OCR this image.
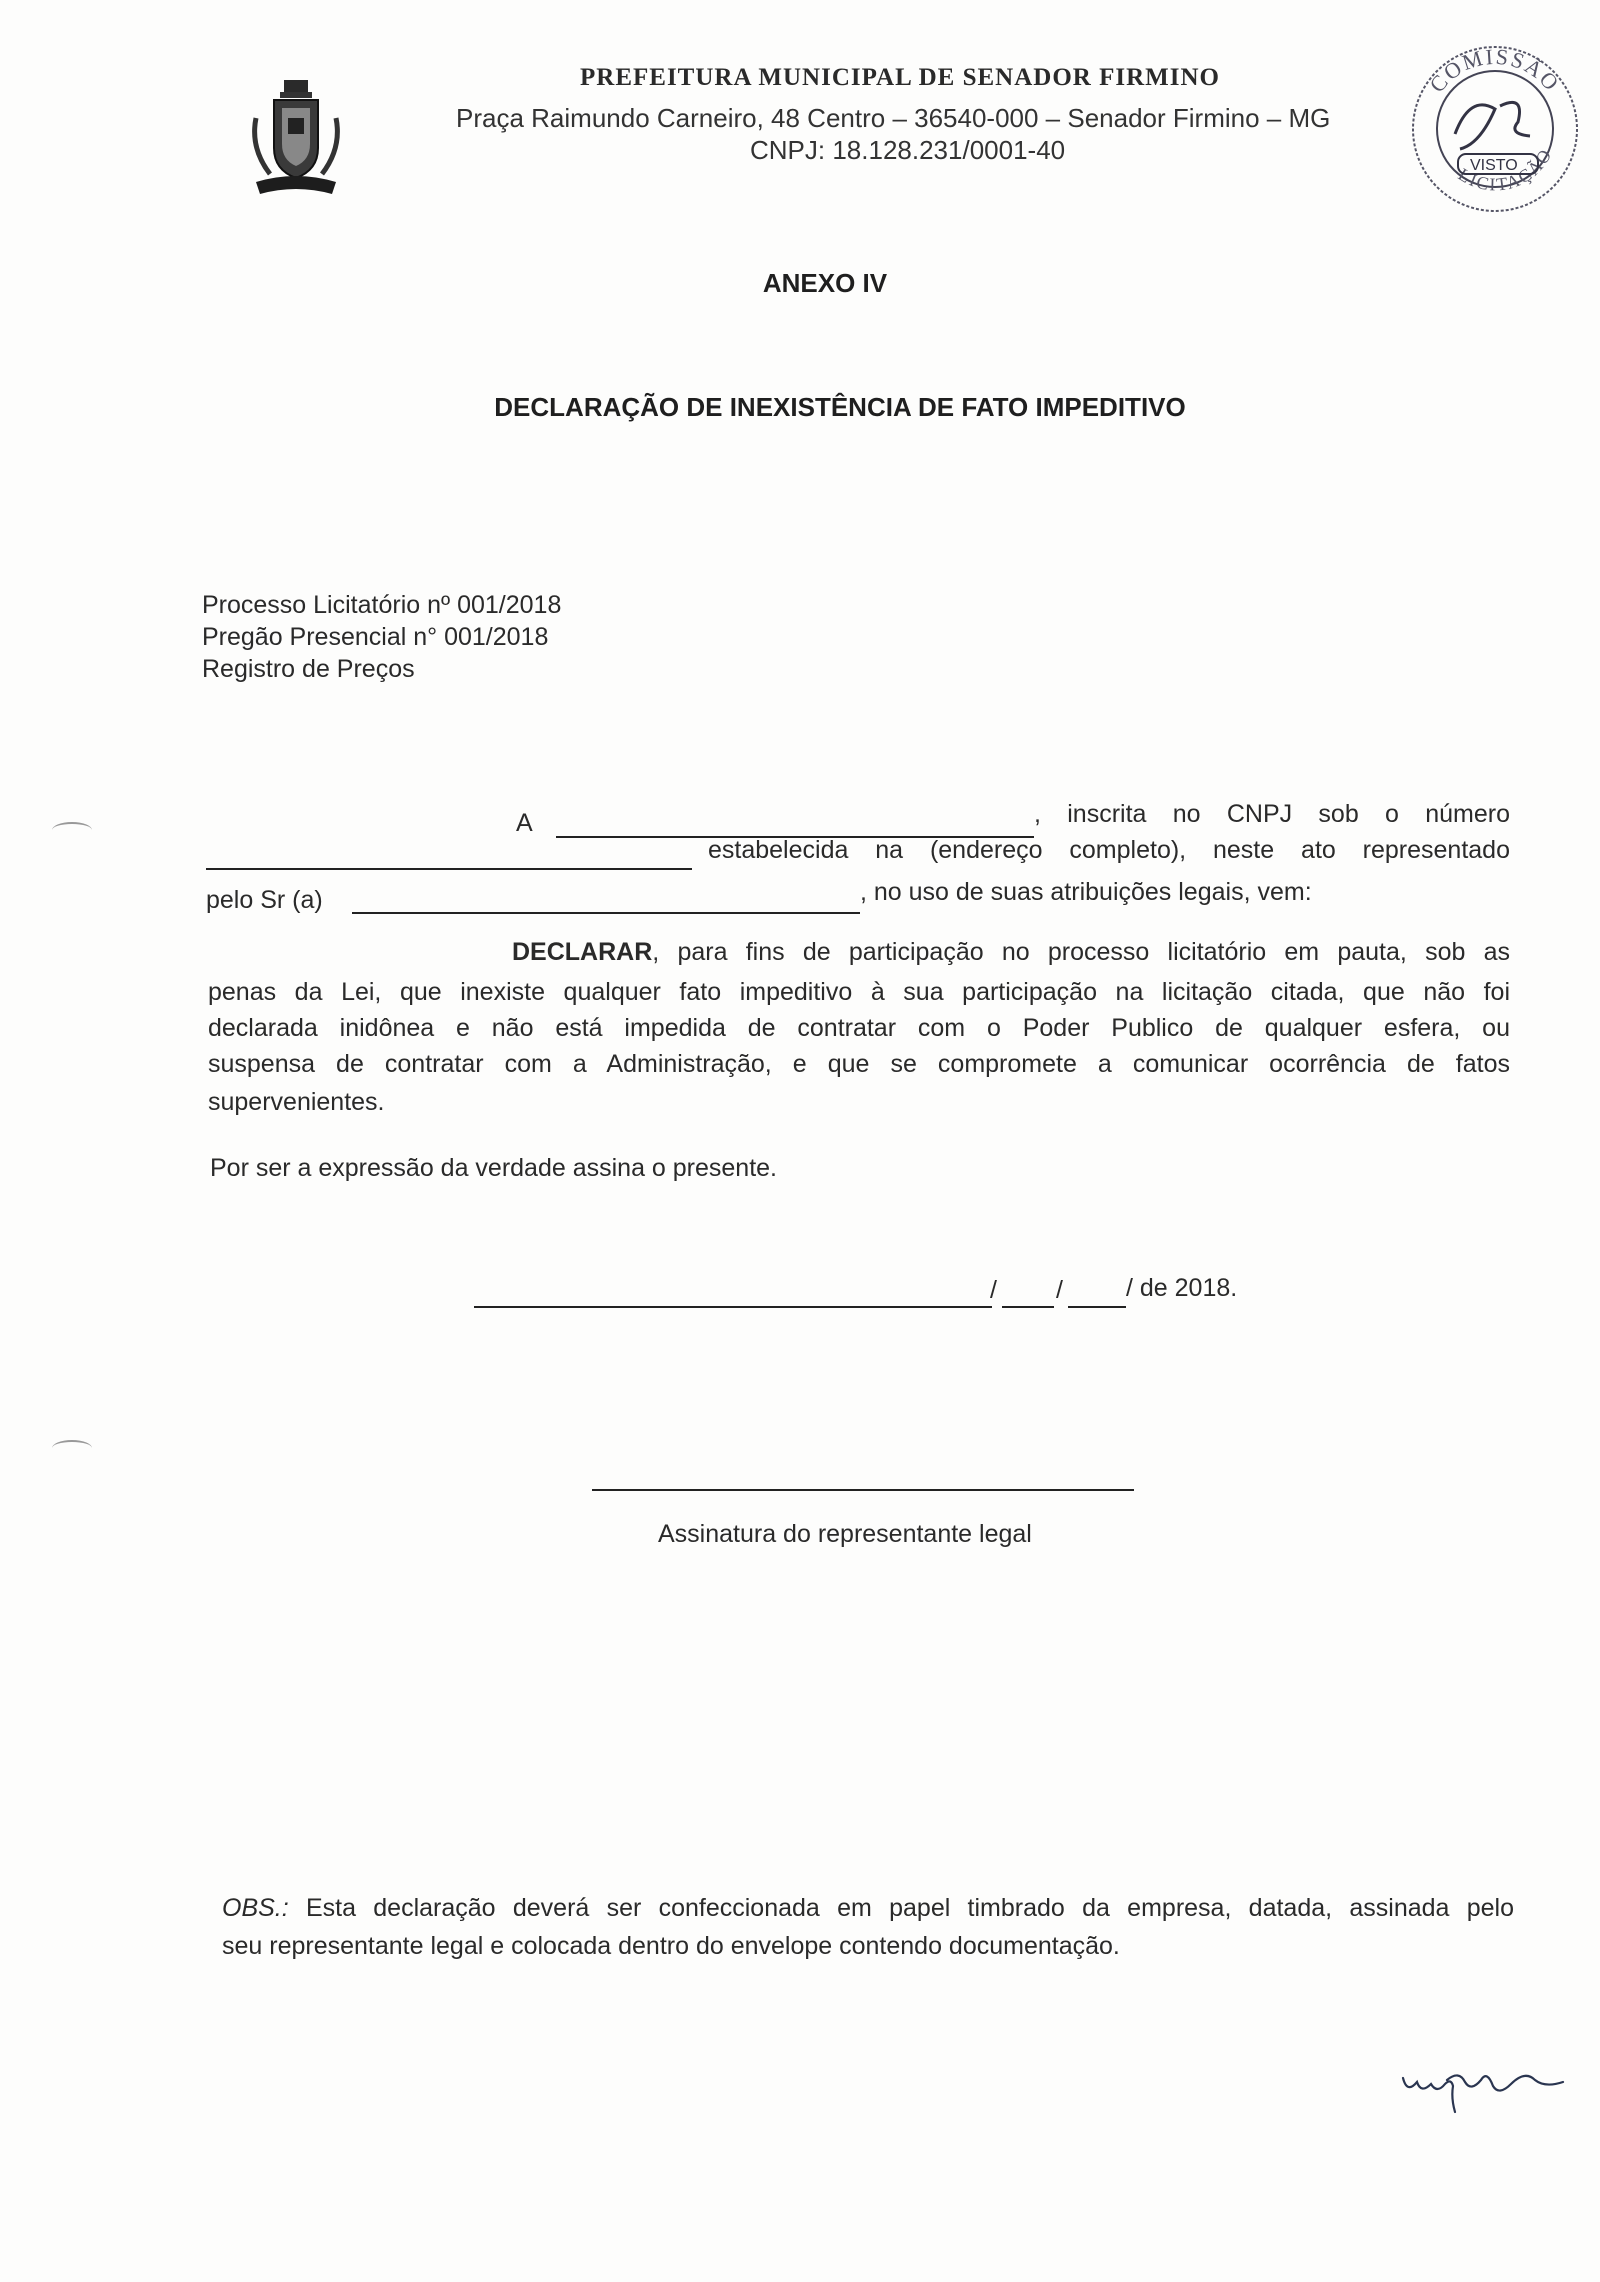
PREFEITURA MUNICIPAL DE SENADOR FIRMINO
Praça Raimundo Carneiro, 48 Centro – 36540-000 – Senador Firmino – MG
CNPJ: 18.128.231/0001-40
COMISSÃO
LICITAÇÃO
VISTO
ANEXO IV
DECLARAÇÃO DE INEXISTÊNCIA DE FATO IMPEDITIVO
Processo Licitatório nº 001/2018
Pregão Presencial n° 001/2018
Registro de Preços
A	, inscrita no CNPJ sob o número
estabelecida na (endereço completo), neste ato representado
pelo Sr (a)	, no uso de suas atribuições legais, vem:
DECLARAR, para fins de participação no processo licitatório em pauta, sob as
penas da Lei, que inexiste qualquer fato impeditivo à sua participação na licitação citada, que não foi
declarada inidônea e não está impedida de contratar com o Poder Publico de qualquer esfera, ou
suspensa de contratar com a Administração, e que se compromete a comunicar ocorrência de fatos
supervenientes.
Por ser a expressão da verdade assina o presente.
/ /	/ de 2018.
Assinatura do representante legal
OBS.: Esta declaração deverá ser confeccionada em papel timbrado da empresa, datada, assinada pelo
seu representante legal e colocada dentro do envelope contendo documentação.
